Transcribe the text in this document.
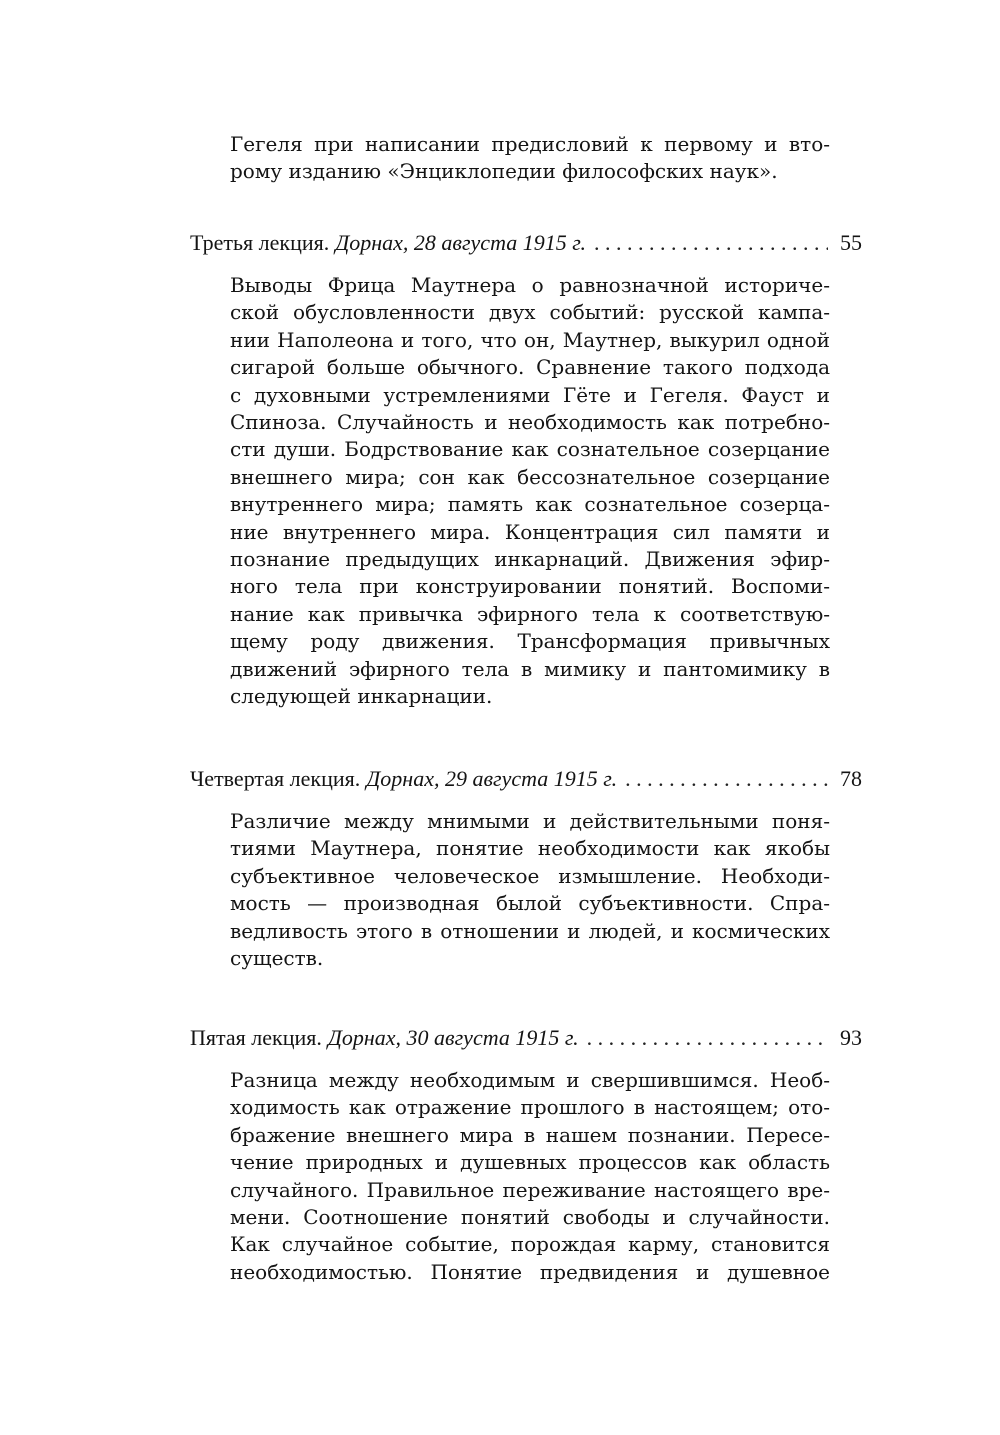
Гегеля при написании предисловий к первому и вто-
рому изданию «Энциклопедии философских наук».
Третья лекция. Дорнах, 28 августа 1915 г. . . .	55
Выводы Фрица Маутнера о равнозначной историче-
ской обусловленности двух событий: русской кампа-
нии Наполеона и того, что он, Маутнер, выкурил одной
сигарой больше обычного. Сравнение такого подхода
с духовными устремлениями Гёте и Гегеля. Фауст и
Спиноза. Случайность и необходимость как потребно-
сти души. Бодрствование как сознательное созерцание
внешнего мира; сон как бессознательное созерцание
внутреннего мира; память как сознательное созерца-
ние внутреннего мира. Концентрация сил памяти и
познание предыдущих инкарнаций. Движения эфир-
ного тела при конструировании понятий. Воспоми-
нание как привычка эфирного тела к соответствую-
щему роду движения. Трансформация привычных
движений эфирного тела в мимику и пантомимику в
следующей инкарнации.
Четвертая лекция. Дорнах, 29 августа 1915 г. . . .	78
Различие между мнимыми и действительными поня-
тиями Маутнера, понятие необходимости как якобы
субъективное человеческое измышление. Необходи-
мость — производная былой субъективности. Спра-
ведливость этого в отношении и людей, и космических
существ.
Пятая лекция. Дорнах, 30 августа 1915 г. . . .	93
Разница между необходимым и свершившимся. Необ-
ходимость как отражение прошлого в настоящем; ото-
бражение внешнего мира в нашем познании. Пересе-
чение природных и душевных процессов как область
случайного. Правильное переживание настоящего вре-
мени. Соотношение понятий свободы и случайности.
Как случайное событие, порождая карму, становится
необходимостью. Понятие предвидения и душевное
